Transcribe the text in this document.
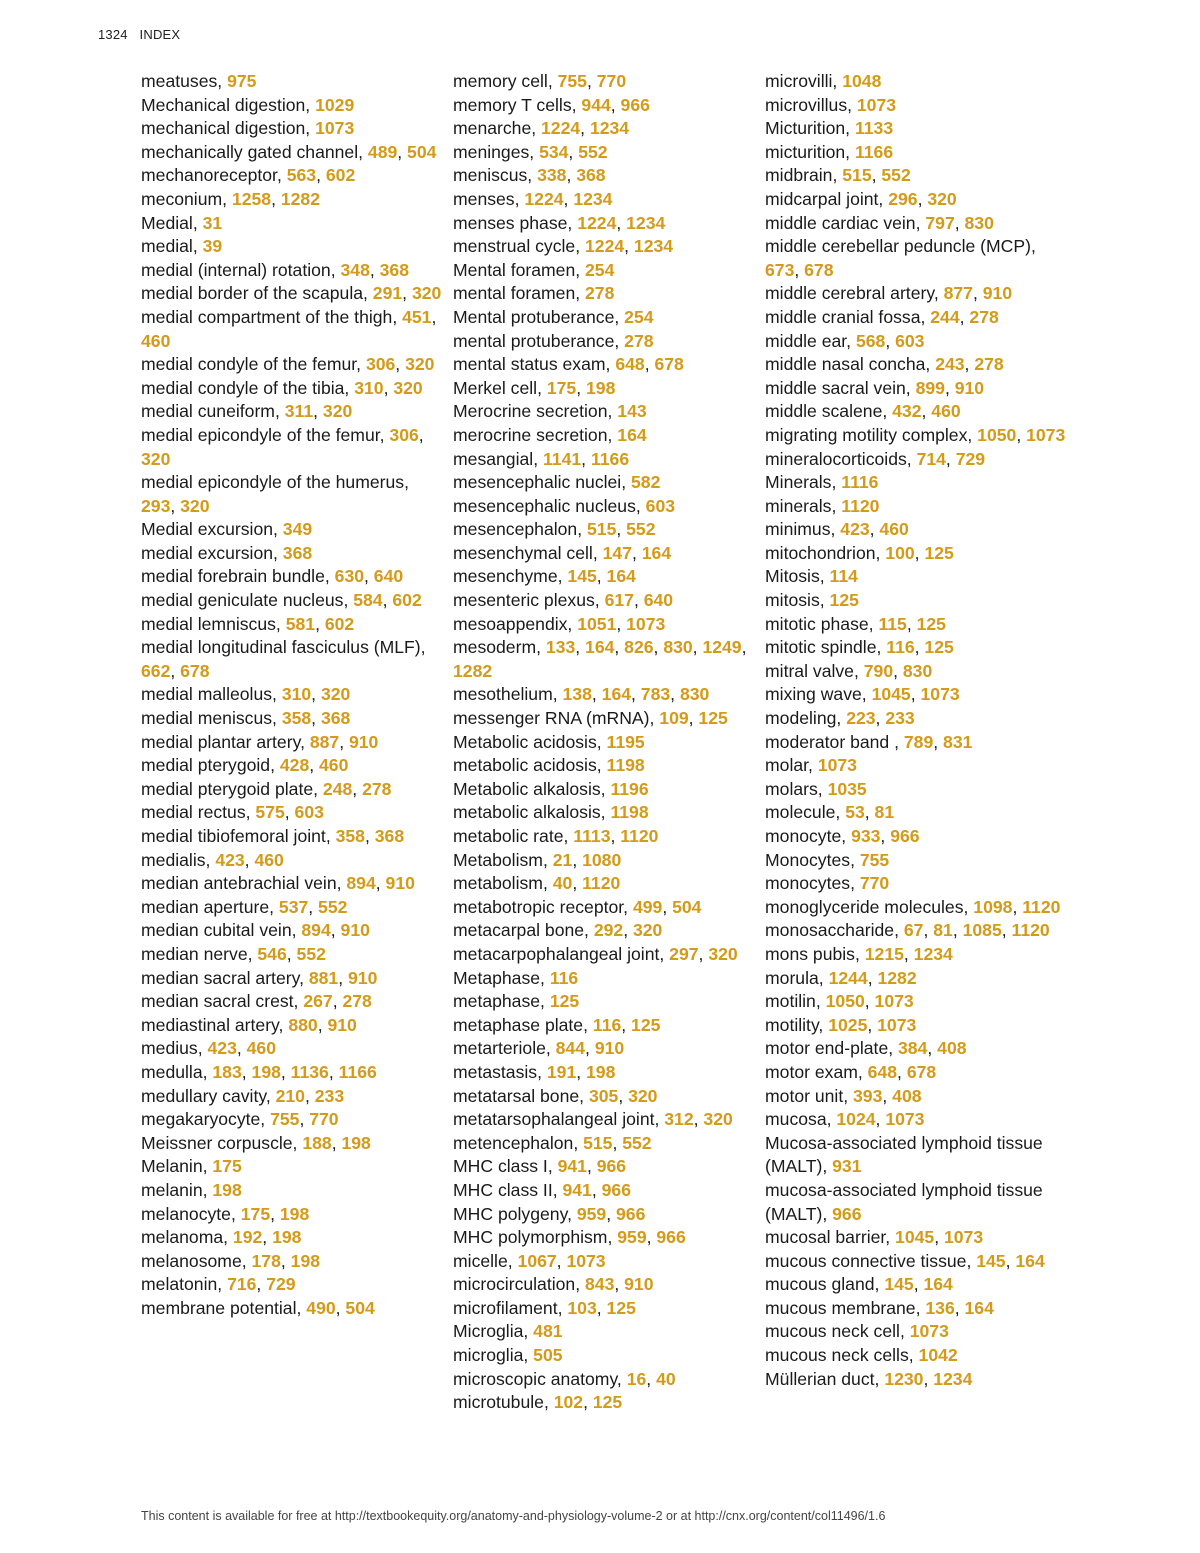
1324 INDEX
meatuses, 975
Mechanical digestion, 1029
mechanical digestion, 1073
mechanically gated channel, 489, 504
mechanoreceptor, 563, 602
meconium, 1258, 1282
Medial, 31
medial, 39
medial (internal) rotation, 348, 368
medial border of the scapula, 291, 320
medial compartment of the thigh, 451, 460
medial condyle of the femur, 306, 320
medial condyle of the tibia, 310, 320
medial cuneiform, 311, 320
medial epicondyle of the femur, 306, 320
medial epicondyle of the humerus, 293, 320
Medial excursion, 349
medial excursion, 368
medial forebrain bundle, 630, 640
medial geniculate nucleus, 584, 602
medial lemniscus, 581, 602
medial longitudinal fasciculus (MLF), 662, 678
medial malleolus, 310, 320
medial meniscus, 358, 368
medial plantar artery, 887, 910
medial pterygoid, 428, 460
medial pterygoid plate, 248, 278
medial rectus, 575, 603
medial tibiofemoral joint, 358, 368
medialis, 423, 460
median antebrachial vein, 894, 910
median aperture, 537, 552
median cubital vein, 894, 910
median nerve, 546, 552
median sacral artery, 881, 910
median sacral crest, 267, 278
mediastinal artery, 880, 910
medius, 423, 460
medulla, 183, 198, 1136, 1166
medullary cavity, 210, 233
megakaryocyte, 755, 770
Meissner corpuscle, 188, 198
Melanin, 175
melanin, 198
melanocyte, 175, 198
melanoma, 192, 198
melanosome, 178, 198
melatonin, 716, 729
membrane potential, 490, 504
memory cell, 755, 770
memory T cells, 944, 966
menarche, 1224, 1234
meninges, 534, 552
meniscus, 338, 368
menses, 1224, 1234
menses phase, 1224, 1234
menstrual cycle, 1224, 1234
Mental foramen, 254
mental foramen, 278
Mental protuberance, 254
mental protuberance, 278
mental status exam, 648, 678
Merkel cell, 175, 198
Merocrine secretion, 143
merocrine secretion, 164
mesangial, 1141, 1166
mesencephalic nuclei, 582
mesencephalic nucleus, 603
mesencephalon, 515, 552
mesenchymal cell, 147, 164
mesenchyme, 145, 164
mesenteric plexus, 617, 640
mesoappendix, 1051, 1073
mesoderm, 133, 164, 826, 830, 1249, 1282
mesothelium, 138, 164, 783, 830
messenger RNA (mRNA), 109, 125
Metabolic acidosis, 1195
metabolic acidosis, 1198
Metabolic alkalosis, 1196
metabolic alkalosis, 1198
metabolic rate, 1113, 1120
Metabolism, 21, 1080
metabolism, 40, 1120
metabotropic receptor, 499, 504
metacarpal bone, 292, 320
metacarpophalangeal joint, 297, 320
Metaphase, 116
metaphase, 125
metaphase plate, 116, 125
metarteriole, 844, 910
metastasis, 191, 198
metatarsal bone, 305, 320
metatarsophalangeal joint, 312, 320
metencephalon, 515, 552
MHC class I, 941, 966
MHC class II, 941, 966
MHC polygeny, 959, 966
MHC polymorphism, 959, 966
micelle, 1067, 1073
microcirculation, 843, 910
microfilament, 103, 125
Microglia, 481
microglia, 505
microscopic anatomy, 16, 40
microtubule, 102, 125
microvilli, 1048
microvillus, 1073
Micturition, 1133
micturition, 1166
midbrain, 515, 552
midcarpal joint, 296, 320
middle cardiac vein, 797, 830
middle cerebellar peduncle (MCP), 673, 678
middle cerebral artery, 877, 910
middle cranial fossa, 244, 278
middle ear, 568, 603
middle nasal concha, 243, 278
middle sacral vein, 899, 910
middle scalene, 432, 460
migrating motility complex, 1050, 1073
mineralocorticoids, 714, 729
Minerals, 1116
minerals, 1120
minimus, 423, 460
mitochondrion, 100, 125
Mitosis, 114
mitosis, 125
mitotic phase, 115, 125
mitotic spindle, 116, 125
mitral valve, 790, 830
mixing wave, 1045, 1073
modeling, 223, 233
moderator band , 789, 831
molar, 1073
molars, 1035
molecule, 53, 81
monocyte, 933, 966
Monocytes, 755
monocytes, 770
monoglyceride molecules, 1098, 1120
monosaccharide, 67, 81, 1085, 1120
mons pubis, 1215, 1234
morula, 1244, 1282
motilin, 1050, 1073
motility, 1025, 1073
motor end-plate, 384, 408
motor exam, 648, 678
motor unit, 393, 408
mucosa, 1024, 1073
Mucosa-associated lymphoid tissue (MALT), 931
mucosa-associated lymphoid tissue (MALT), 966
mucosal barrier, 1045, 1073
mucous connective tissue, 145, 164
mucous gland, 145, 164
mucous membrane, 136, 164
mucous neck cell, 1073
mucous neck cells, 1042
Müllerian duct, 1230, 1234
This content is available for free at http://textbookequity.org/anatomy-and-physiology-volume-2 or at http://cnx.org/content/col11496/1.6
